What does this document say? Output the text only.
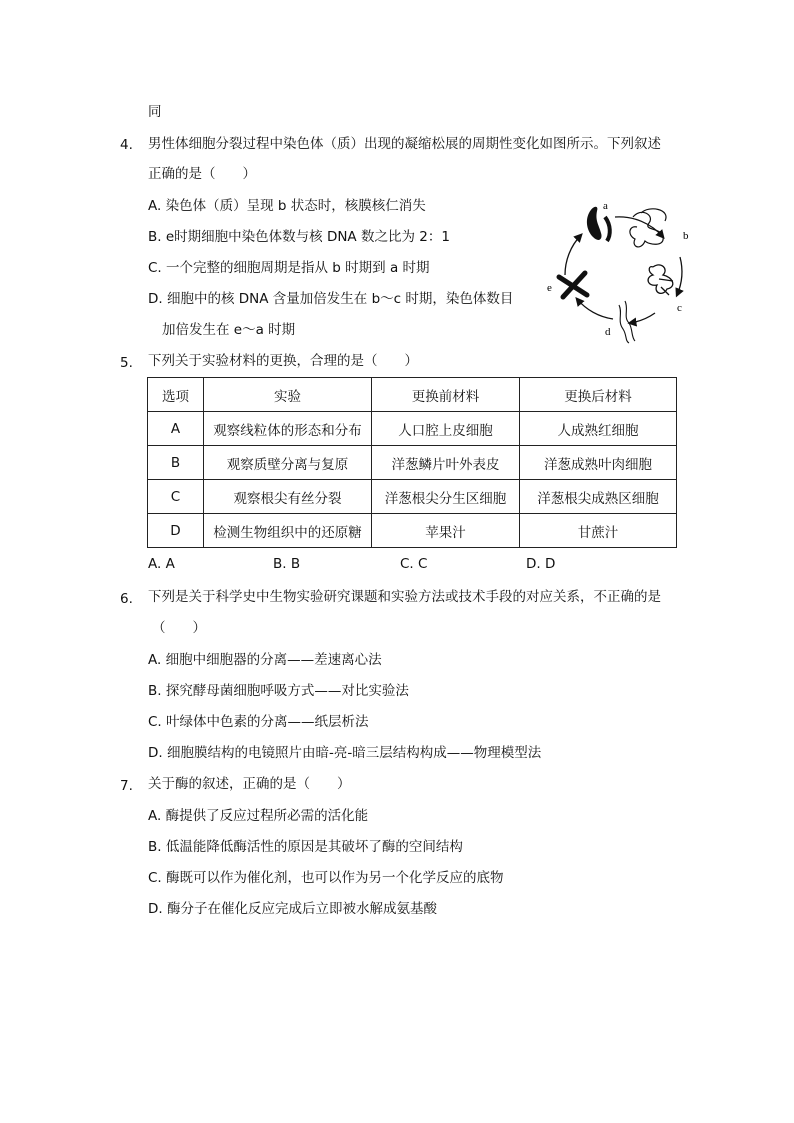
同
4. 男性体细胞分裂过程中染色体（质）出现的凝缩松展的周期性变化如图所示。下列叙述
正确的是（　　）
A. 染色体（质）呈现 b 状态时，核膜核仁消失
B. e时期细胞中染色体数与核 DNA 数之比为 2：1
C. 一个完整的细胞周期是指从 b 时期到 a 时期
D. 细胞中的核 DNA 含量加倍发生在 b～c 时期，染色体数目
加倍发生在 e～a 时期
a
b
c
d
e
5. 下列关于实验材料的更换，合理的是（　　）
选项	实验	更换前材料	更换后材料
A	观察线粒体的形态和分布	人口腔上皮细胞	人成熟红细胞
B	观察质壁分离与复原	洋葱鳞片叶外表皮	洋葱成熟叶肉细胞
C	观察根尖有丝分裂	洋葱根尖分生区细胞	洋葱根尖成熟区细胞
D	检测生物组织中的还原糖	苹果汁	甘蔗汁
A. A	B. B	C. C	D. D
6. 下列是关于科学史中生物实验研究课题和实验方法或技术手段的对应关系，不正确的是
（　　）
A. 细胞中细胞器的分离——差速离心法
B. 探究酵母菌细胞呼吸方式——对比实验法
C. 叶绿体中色素的分离——纸层析法
D. 细胞膜结构的电镜照片由暗-亮-暗三层结构构成——物理模型法
7. 关于酶的叙述，正确的是（　　）
A. 酶提供了反应过程所必需的活化能
B. 低温能降低酶活性的原因是其破坏了酶的空间结构
C. 酶既可以作为催化剂，也可以作为另一个化学反应的底物
D. 酶分子在催化反应完成后立即被水解成氨基酸
